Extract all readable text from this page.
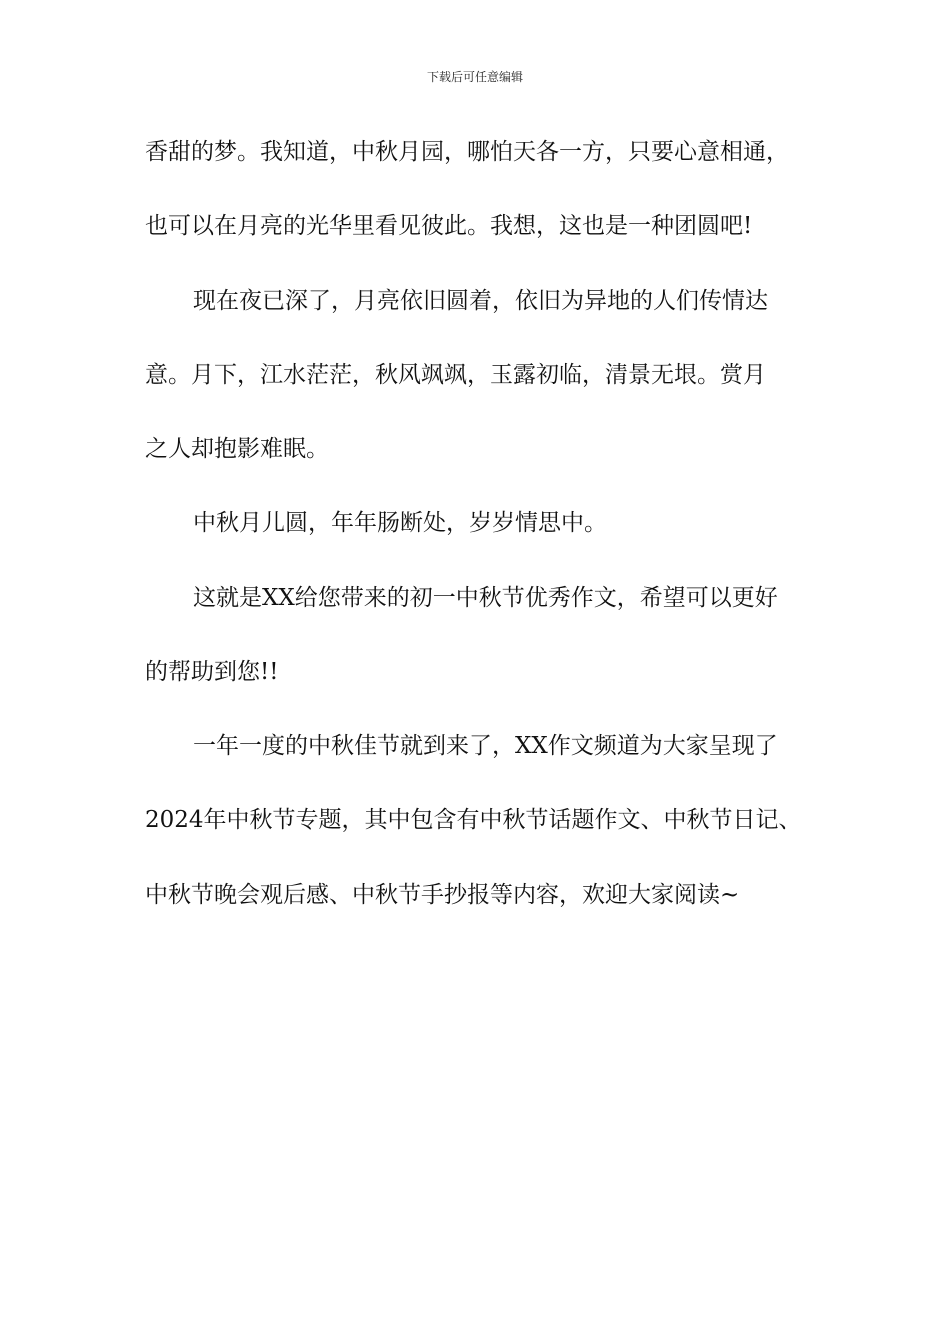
下载后可任意编辑
香甜的梦。我知道，中秋月园，哪怕天各一方，只要心意相通，
也可以在月亮的光华里看见彼此。我想，这也是一种团圆吧!
现在夜已深了，月亮依旧圆着，依旧为异地的人们传情达
意。月下，江水茫茫，秋风飒飒，玉露初临，清景无垠。赏月
之人却抱影难眠。
中秋月儿圆，年年肠断处，岁岁情思中。
这就是XX给您带来的初一中秋节优秀作文，希望可以更好
的帮助到您!!
一年一度的中秋佳节就到来了，XX作文频道为大家呈现了
2024年中秋节专题，其中包含有中秋节话题作文、中秋节日记、
中秋节晚会观后感、中秋节手抄报等内容，欢迎大家阅读~
